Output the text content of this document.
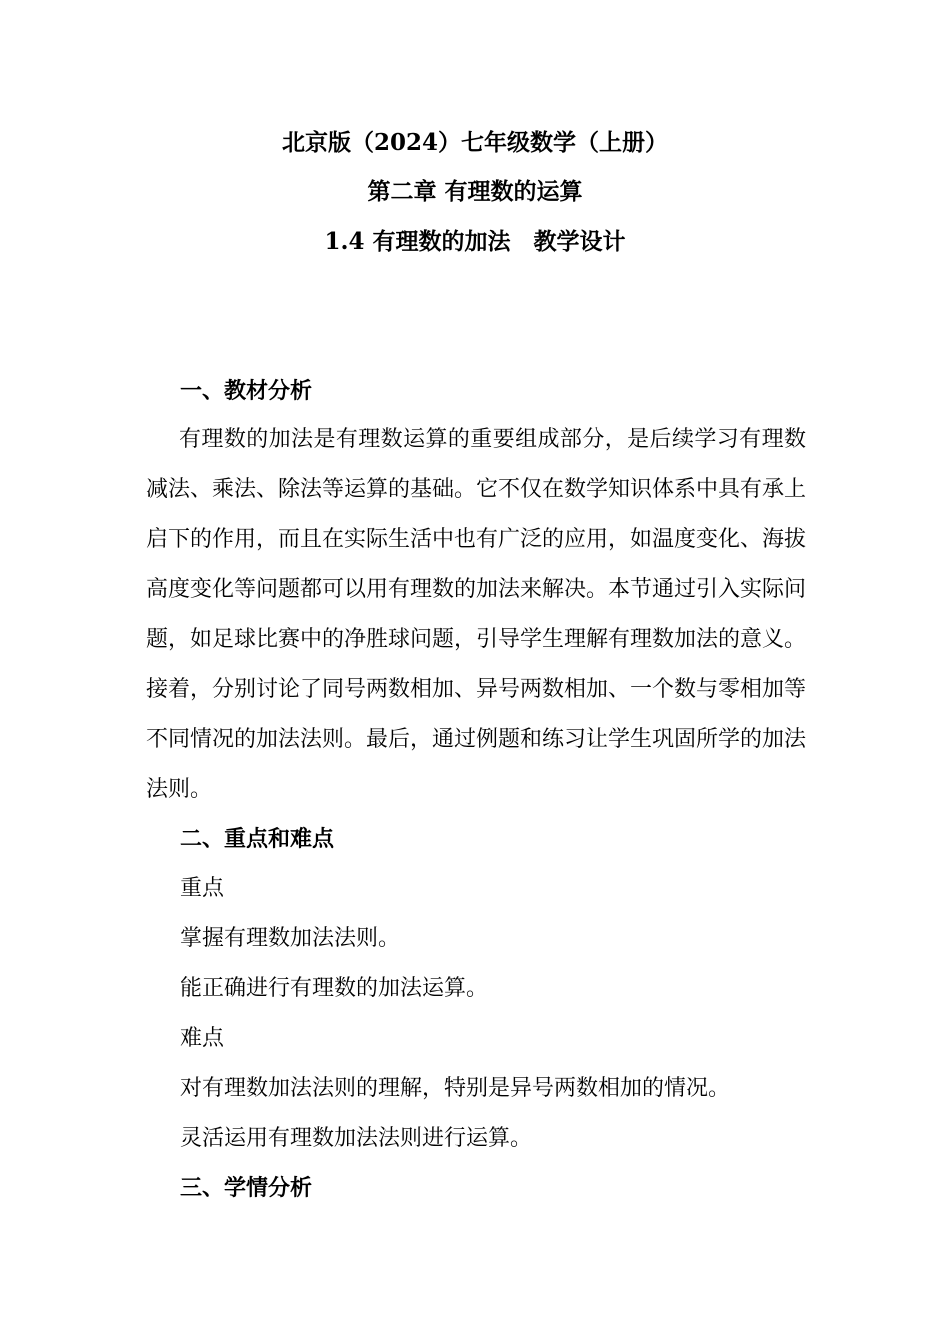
北京版（2024）七年级数学（上册）
第二章 有理数的运算
1.4 有理数的加法　教学设计
一、教材分析
有理数的加法是有理数运算的重要组成部分，是后续学习有理数减法、乘法、除法等运算的基础。它不仅在数学知识体系中具有承上启下的作用，而且在实际生活中也有广泛的应用，如温度变化、海拔高度变化等问题都可以用有理数的加法来解决。本节通过引入实际问题，如足球比赛中的净胜球问题，引导学生理解有理数加法的意义。接着，分别讨论了同号两数相加、异号两数相加、一个数与零相加等不同情况的加法法则。最后，通过例题和练习让学生巩固所学的加法法则。
二、重点和难点
重点
掌握有理数加法法则。
能正确进行有理数的加法运算。
难点
对有理数加法法则的理解，特别是异号两数相加的情况。
灵活运用有理数加法法则进行运算。
三、学情分析
